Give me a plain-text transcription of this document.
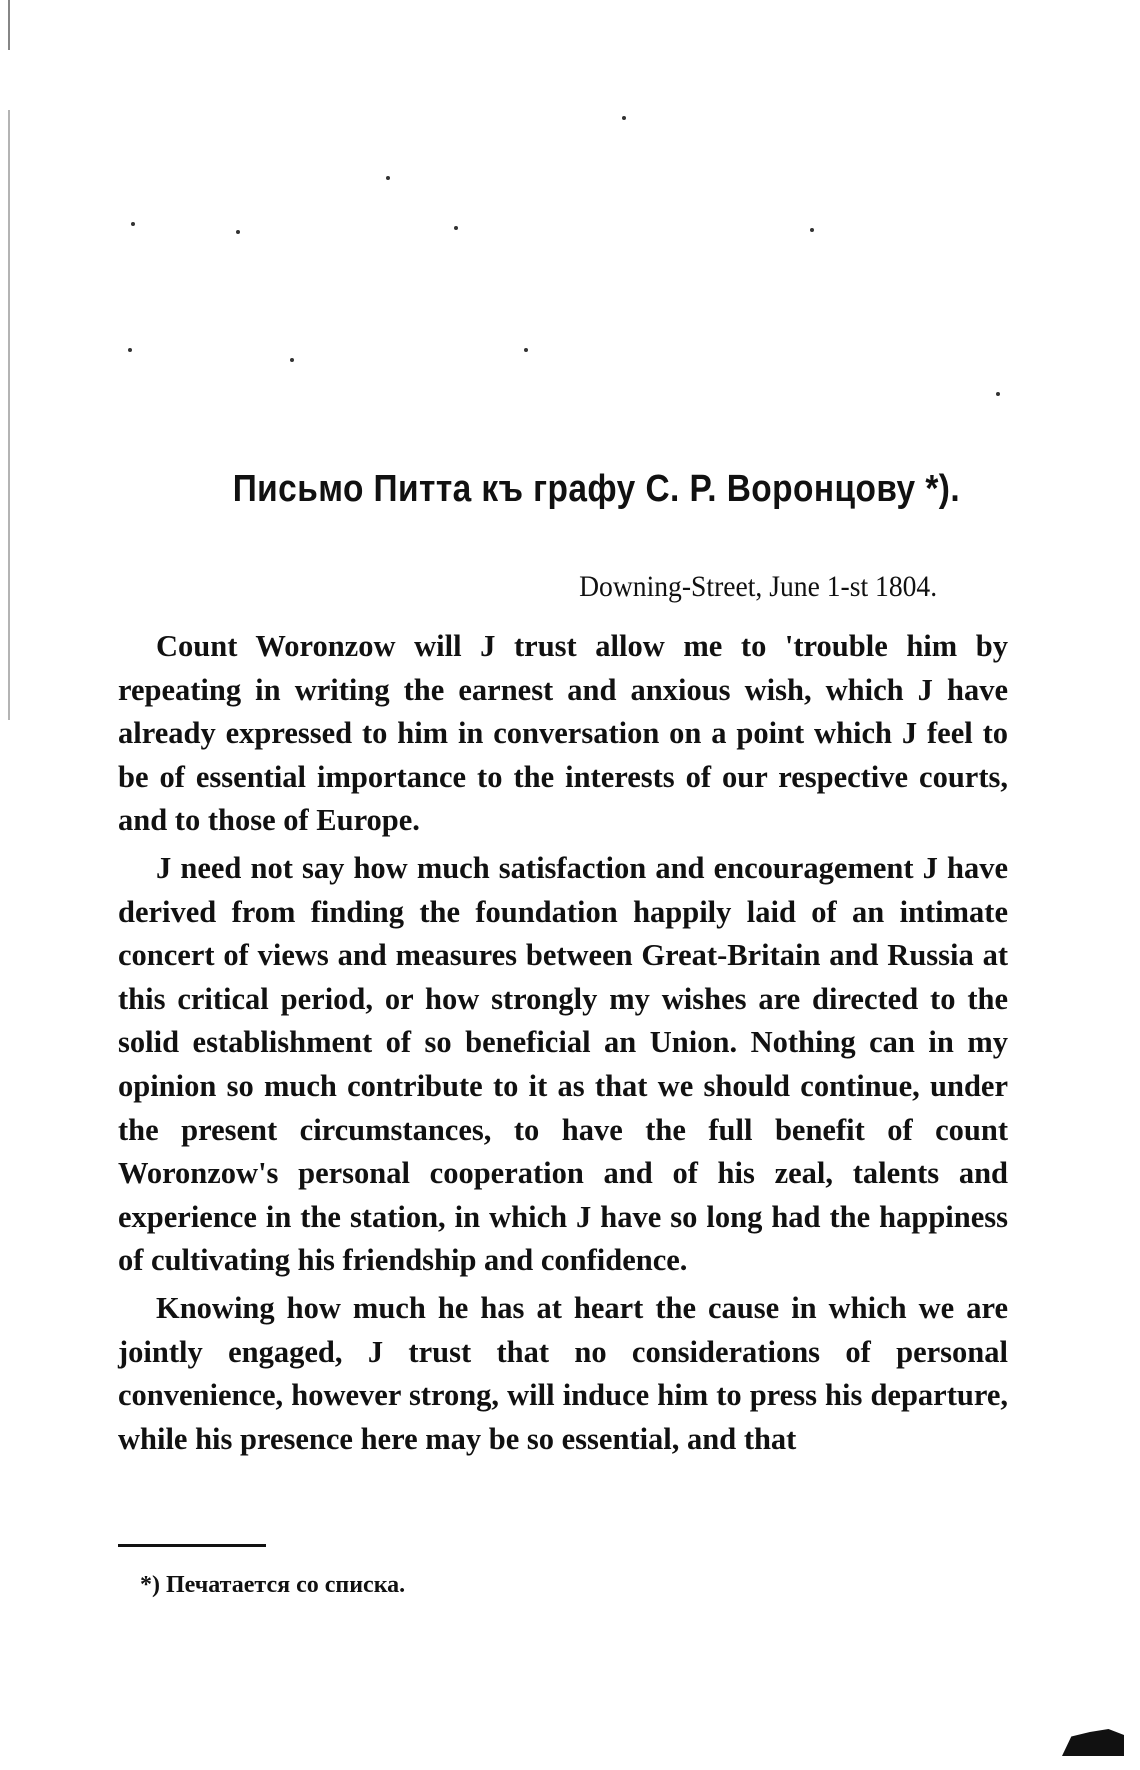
Письмо Питта къ графу С. Р. Воронцову *).
Downing-Street, June 1-st 1804.

Count Woronzow will J trust allow me to 'trouble him by repeating in writing the earnest and anxious wish, which J have already expressed to him in conversation on a point which J feel to be of essential importance to the interests of our respective courts, and to those of Europe.

J need not say how much satisfaction and encouragement J have derived from finding the foundation happily laid of an intimate concert of views and measures between Great-Britain and Russia at this critical period, or how strongly my wishes are directed to the solid establishment of so beneficial an Union. Nothing can in my opinion so much contribute to it as that we should continue, under the present circumstances, to have the full benefit of count Woronzow's personal cooperation and of his zeal, talents and experience in the station, in which J have so long had the happiness of cultivating his friendship and confidence.

Knowing how much he has at heart the cause in which we are jointly engaged, J trust that no considerations of personal convenience, however strong, will induce him to press his departure, while his presence here may be so essential, and that

*) Печатается со списка.
